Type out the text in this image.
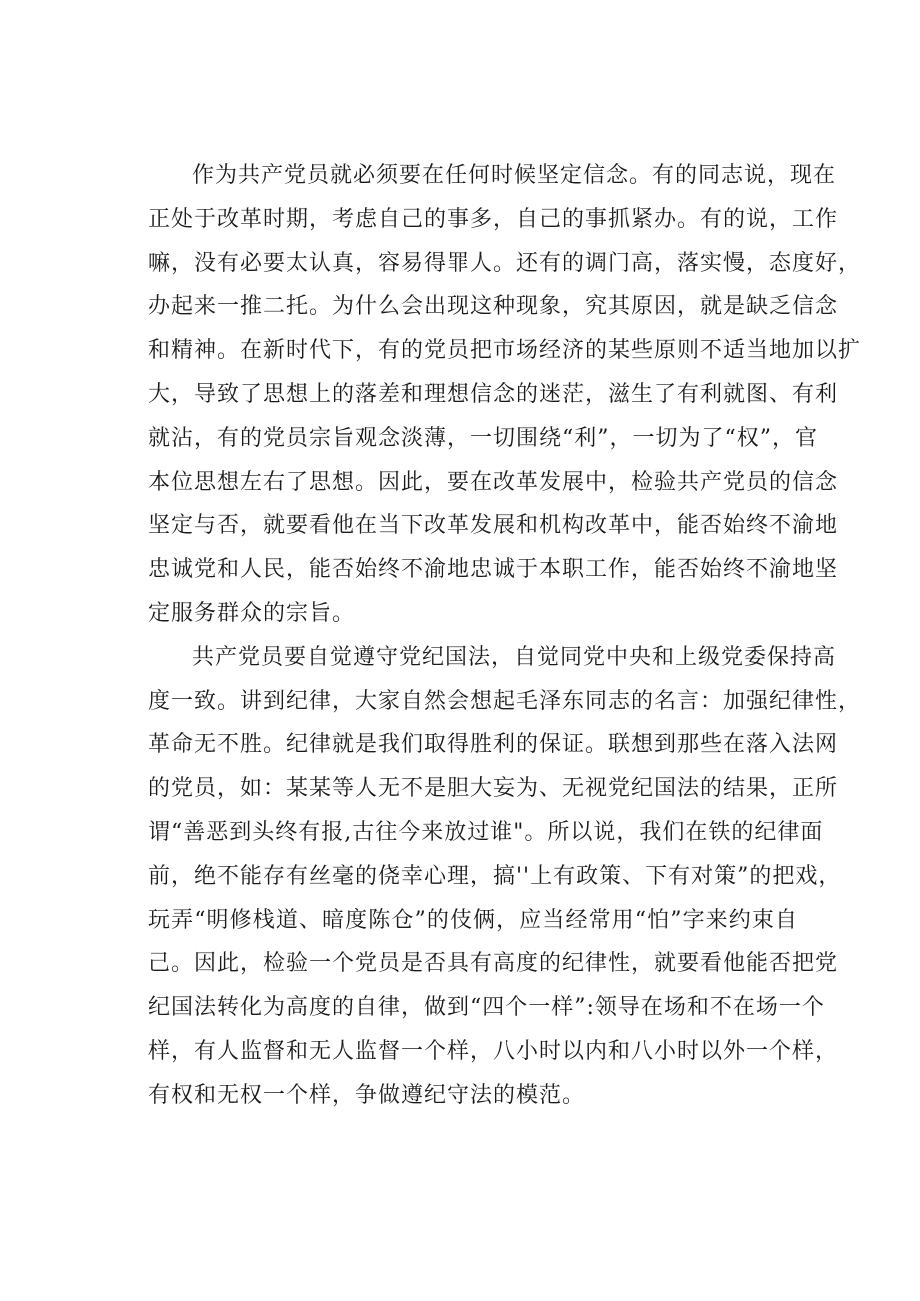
作为共产党员就必须要在任何时候坚定信念。有的同志说，现在
正处于改革时期，考虑自己的事多，自己的事抓紧办。有的说，工作
嘛，没有必要太认真，容易得罪人。还有的调门高，落实慢，态度好，
办起来一推二托。为什么会出现这种现象，究其原因，就是缺乏信念
和精神。在新时代下，有的党员把市场经济的某些原则不适当地加以扩
大，导致了思想上的落差和理想信念的迷茫，滋生了有利就图、有利
就沾，有的党员宗旨观念淡薄，一切围绕“利”，一切为了“权”，官
本位思想左右了思想。因此，要在改革发展中，检验共产党员的信念
坚定与否，就要看他在当下改革发展和机构改革中，能否始终不渝地
忠诚党和人民，能否始终不渝地忠诚于本职工作，能否始终不渝地坚
定服务群众的宗旨。
共产党员要自觉遵守党纪国法，自觉同党中央和上级党委保持高
度一致。讲到纪律，大家自然会想起毛泽东同志的名言：加强纪律性，
革命无不胜。纪律就是我们取得胜利的保证。联想到那些在落入法网
的党员，如：某某等人无不是胆大妄为、无视党纪国法的结果，正所
谓“善恶到头终有报,古往今来放过谁"。所以说，我们在铁的纪律面
前，绝不能存有丝毫的侥幸心理，搞''上有政策、下有对策”的把戏，
玩弄“明修栈道、暗度陈仓”的伎俩，应当经常用“怕”字来约束自
己。因此，检验一个党员是否具有高度的纪律性，就要看他能否把党
纪国法转化为高度的自律，做到“四个一样”:领导在场和不在场一个
样，有人监督和无人监督一个样，八小时以内和八小时以外一个样，
有权和无权一个样，争做遵纪守法的模范。
